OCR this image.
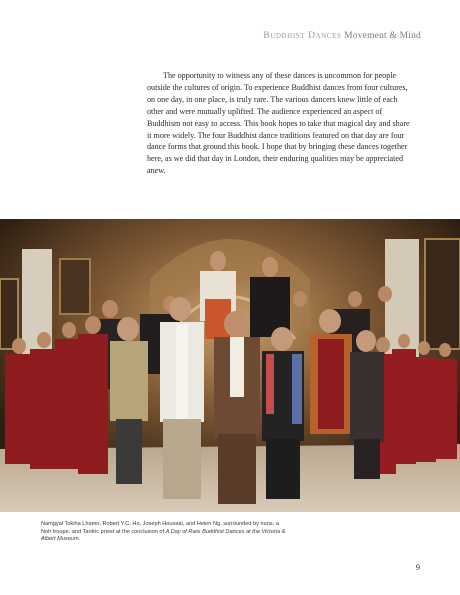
Buddhist Dances Movement & Mind

The opportunity to witness any of these dances is uncommon for people outside the cultures of origin. To experience Buddhist dances from four cultures, on one day, in one place, is truly rare. The various dancers knew little of each other and were mutually uplifted. The audience experienced an aspect of Buddhism not easy to access. This book hopes to take that magical day and share it more widely. The four Buddhist dance traditions featured on that day are four dance forms that ground this book. I hope that by bringing these dances together here, as we did that day in London, their enduring qualities may be appreciated anew.

Namgyal Tokiha Lhamo, Robert Y.C. Ho, Joseph Houseal, and Helen Ng, surrounded by nuns, a Noh troupe, and Tantric priest at the conclusion of A Day of Rare Buddhist Dances at the Victoria & Albert Museum.

9
